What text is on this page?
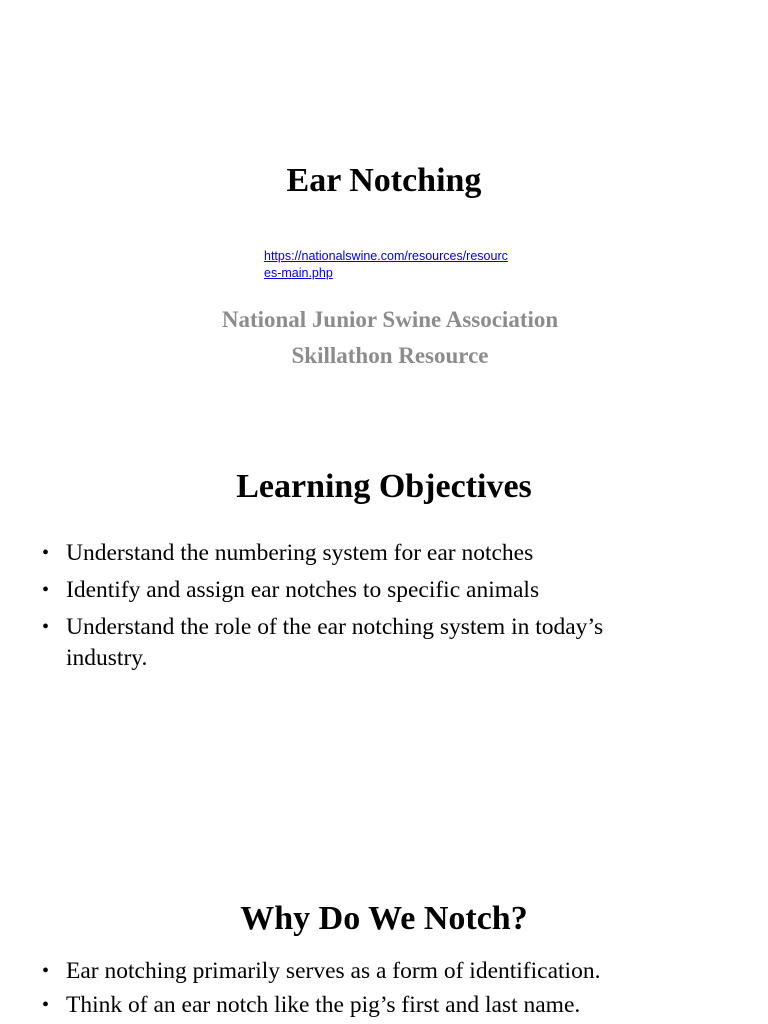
Ear Notching
https://nationalswine.com/resources/resources-main.php
National Junior Swine Association
Skillathon Resource
Learning Objectives
• Understand the numbering system for ear notches
• Identify and assign ear notches to specific animals
• Understand the role of the ear notching system in today’s industry.
Why Do We Notch?
• Ear notching primarily serves as a form of identification.
• Think of an ear notch like the pig’s first and last name.
